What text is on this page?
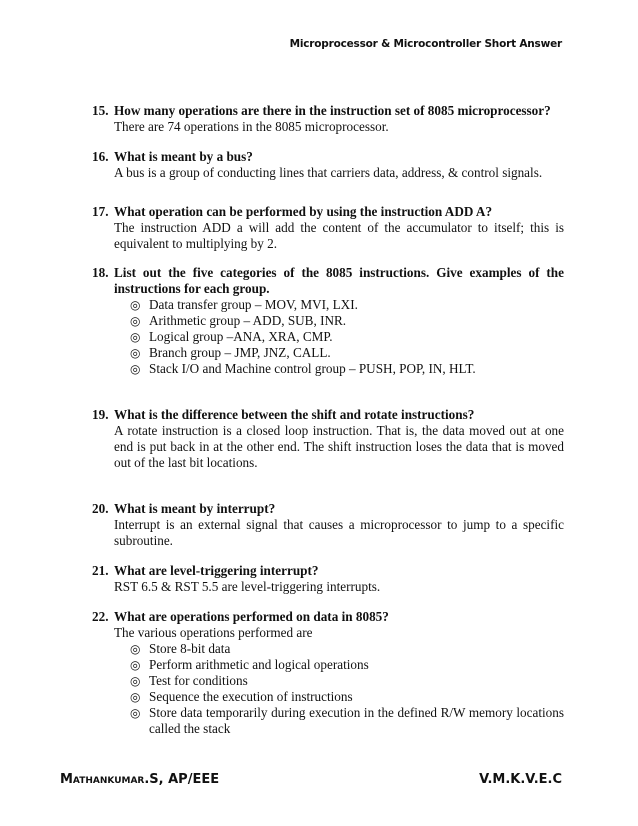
Microprocessor & Microcontroller Short Answer
15. How many operations are there in the instruction set of 8085 microprocessor?
There are 74 operations in the 8085 microprocessor.
16. What is meant by a bus?
A bus is a group of conducting lines that carriers data, address, & control signals.
17. What operation can be performed by using the instruction ADD A?
The instruction ADD a will add the content of the accumulator to itself; this is equivalent to multiplying by 2.
18. List out the five categories of the 8085 instructions. Give examples of the instructions for each group.
◎ Data transfer group – MOV, MVI, LXI.
◎ Arithmetic group – ADD, SUB, INR.
◎ Logical group –ANA, XRA, CMP.
◎ Branch group – JMP, JNZ, CALL.
◎ Stack I/O and Machine control group – PUSH, POP, IN, HLT.
19. What is the difference between the shift and rotate instructions?
A rotate instruction is a closed loop instruction. That is, the data moved out at one end is put back in at the other end. The shift instruction loses the data that is moved out of the last bit locations.
20. What is meant by interrupt?
Interrupt is an external signal that causes a microprocessor to jump to a specific subroutine.
21. What are level-triggering interrupt?
RST 6.5 & RST 5.5 are level-triggering interrupts.
22. What are operations performed on data in 8085?
The various operations performed are
◎ Store 8-bit data
◎ Perform arithmetic and logical operations
◎ Test for conditions
◎ Sequence the execution of instructions
◎ Store data temporarily during execution in the defined R/W memory locations called the stack
Mathankumar.S, AP/EEE	V.M.K.V.E.C
